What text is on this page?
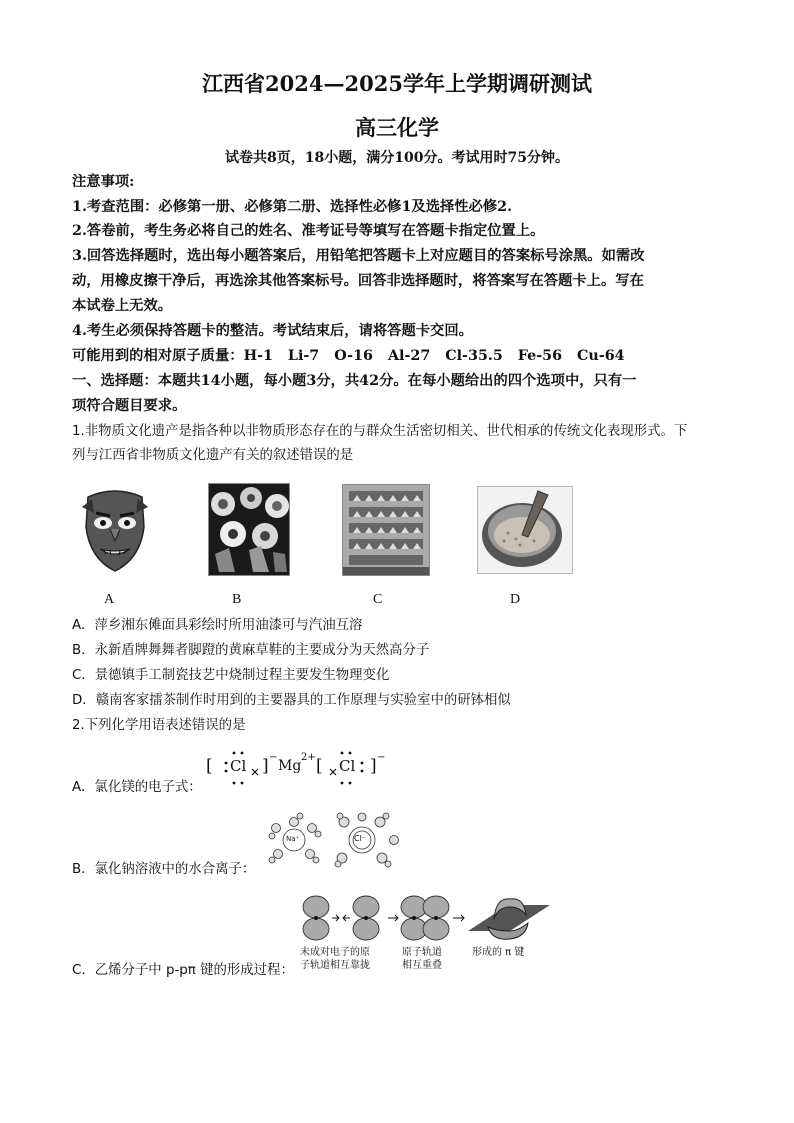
江西省2024—2025学年上学期调研测试
高三化学
试卷共8页，18小题，满分100分。考试用时75分钟。
注意事项:
1.考查范围：必修第一册、必修第二册、选择性必修1及选择性必修2.
2.答卷前，考生务必将自己的姓名、准考证号等填写在答题卡指定位置上。
3.回答选择题时，选出每小题答案后，用铅笔把答题卡上对应题目的答案标号涂黑。如需改
动，用橡皮擦干净后，再选涂其他答案标号。回答非选择题时，将答案写在答题卡上。写在
本试卷上无效。
4.考生必须保持答题卡的整洁。考试结束后，请将答题卡交回。
可能用到的相对原子质量：H-1 Li-7 O-16 Al-27 Cl-35.5 Fe-56 Cu-64
一、选择题：本题共14小题，每小题3分，共42分。在每小题给出的四个选项中，只有一
项符合题目要求。
1.非物质文化遗产是指各种以非物质形态存在的与群众生活密切相关、世代相承的传统文化表现形式。下
列与江西省非物质文化遗产有关的叙述错误的是
A	B	C	D
A．萍乡湘东傩面具彩绘时所用油漆可与汽油互溶
B．永新盾牌舞舞者脚蹬的黄麻草鞋的主要成分为天然高分子
C．景德镇手工制瓷技艺中烧制过程主要发生物理变化
D．赣南客家擂茶制作时用到的主要器具的工作原理与实验室中的研钵相似
2.下列化学用语表述错误的是
A．氯化镁的电子式：
[ Cl ] −
Mg
2+ [ Cl ] −
B．氯化钠溶液中的水合离子：
Na⁺	Cl⁻
C．乙烯分子中 p-pπ 键的形成过程：
未成对电子的原
子轨道相互靠拢
原子轨道
相互重叠
形成的 π 键
